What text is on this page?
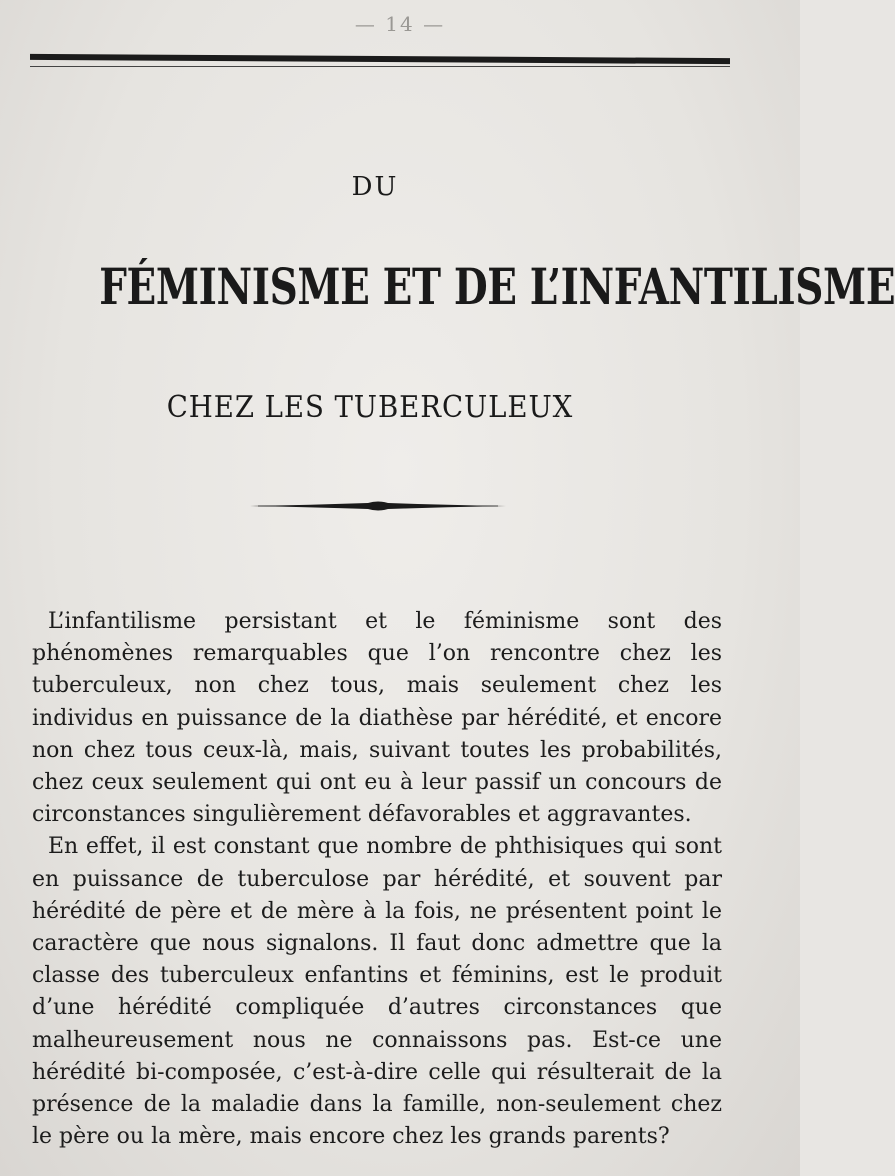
— 14 —
DU
FÉMINISME ET DE L’INFANTILISME
CHEZ LES TUBERCULEUX

L’infantilisme persistant et le féminisme sont des phénomènes remarquables que l’on rencontre chez les tuberculeux, non chez tous, mais seulement chez les individus en puissance de la diathèse par hérédité, et encore non chez tous ceux-là, mais, suivant toutes les probabilités, chez ceux seulement qui ont eu à leur passif un concours de circonstances singulièrement défavorables et aggravantes.

En effet, il est constant que nombre de phthisiques qui sont en puissance de tuberculose par hérédité, et souvent par hérédité de père et de mère à la fois, ne présentent point le caractère que nous signalons. Il faut donc admettre que la classe des tuberculeux enfantins et féminins, est le produit d’une hérédité compliquée d’autres circonstances que malheureusement nous ne connaissons pas. Est-ce une hérédité bi-composée, c’est-à-dire celle qui résulterait de la présence de la maladie dans la famille, non-seulement chez le père ou la mère, mais encore chez les grands parents?
